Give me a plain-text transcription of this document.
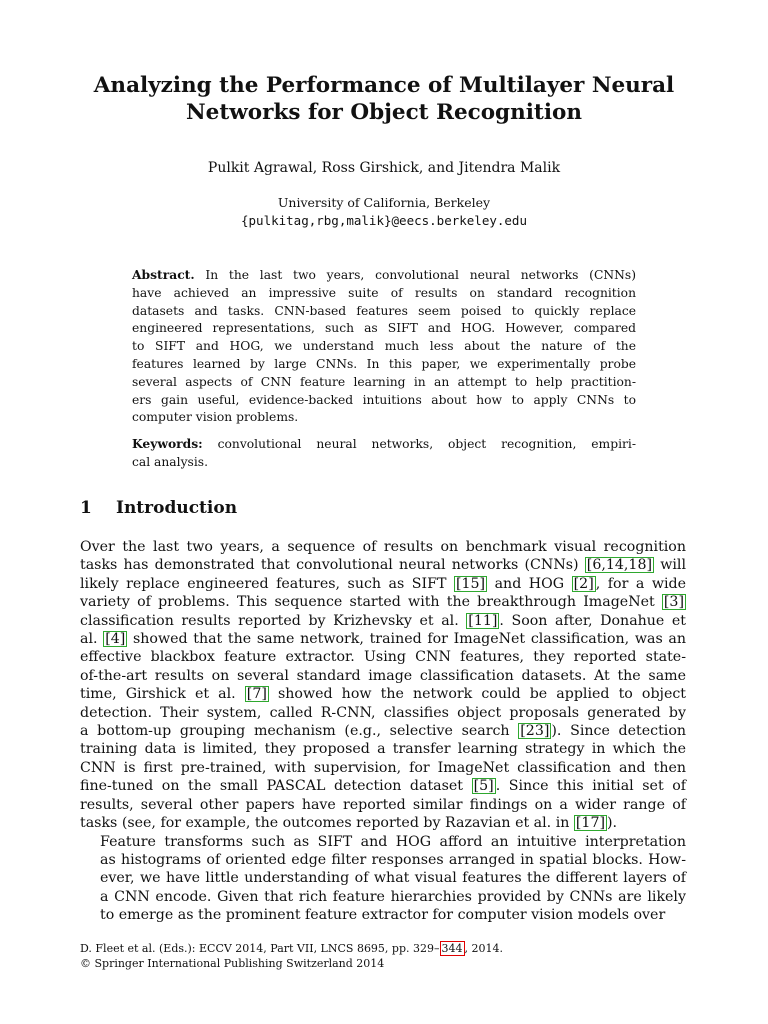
Analyzing the Performance of Multilayer Neural
Networks for Object Recognition
Pulkit Agrawal, Ross Girshick, and Jitendra Malik
University of California, Berkeley
{pulkitag,rbg,malik}@eecs.berkeley.edu
Abstract. In the last two years, convolutional neural networks (CNNs)
have achieved an impressive suite of results on standard recognition
datasets and tasks. CNN-based features seem poised to quickly replace
engineered representations, such as SIFT and HOG. However, compared
to SIFT and HOG, we understand much less about the nature of the
features learned by large CNNs. In this paper, we experimentally probe
several aspects of CNN feature learning in an attempt to help practition-
ers gain useful, evidence-backed intuitions about how to apply CNNs to
computer vision problems.
Keywords: convolutional neural networks, object recognition, empiri-
cal analysis.
1 Introduction

Over the last two years, a sequence of results on benchmark visual recognition
tasks has demonstrated that convolutional neural networks (CNNs) [6,14,18] will
likely replace engineered features, such as SIFT [15] and HOG [2] , for a wide
variety of problems. This sequence started with the breakthrough ImageNet [3]
classification results reported by Krizhevsky et al. [11] . Soon after, Donahue et
al. [4] showed that the same network, trained for ImageNet classification, was an
effective blackbox feature extractor. Using CNN features, they reported state-
of-the-art results on several standard image classification datasets. At the same
time, Girshick et al. [7] showed how the network could be applied to object
detection. Their system, called R-CNN, classifies object proposals generated by
a bottom-up grouping mechanism (e.g., selective search [23] ). Since detection
training data is limited, they proposed a transfer learning strategy in which the
CNN is first pre-trained, with supervision, for ImageNet classification and then
fine-tuned on the small PASCAL detection dataset [5] . Since this initial set of
results, several other papers have reported similar findings on a wider range of
tasks (see, for example, the outcomes reported by Razavian et al. in [17] ).

Feature transforms such as SIFT and HOG afford an intuitive interpretation
as histograms of oriented edge filter responses arranged in spatial blocks. How-
ever, we have little understanding of what visual features the different layers of
a CNN encode. Given that rich feature hierarchies provided by CNNs are likely
to emerge as the prominent feature extractor for computer vision models over

D. Fleet et al. (Eds.): ECCV 2014, Part VII, LNCS 8695, pp. 329– 344 , 2014.
© Springer International Publishing Switzerland 2014
